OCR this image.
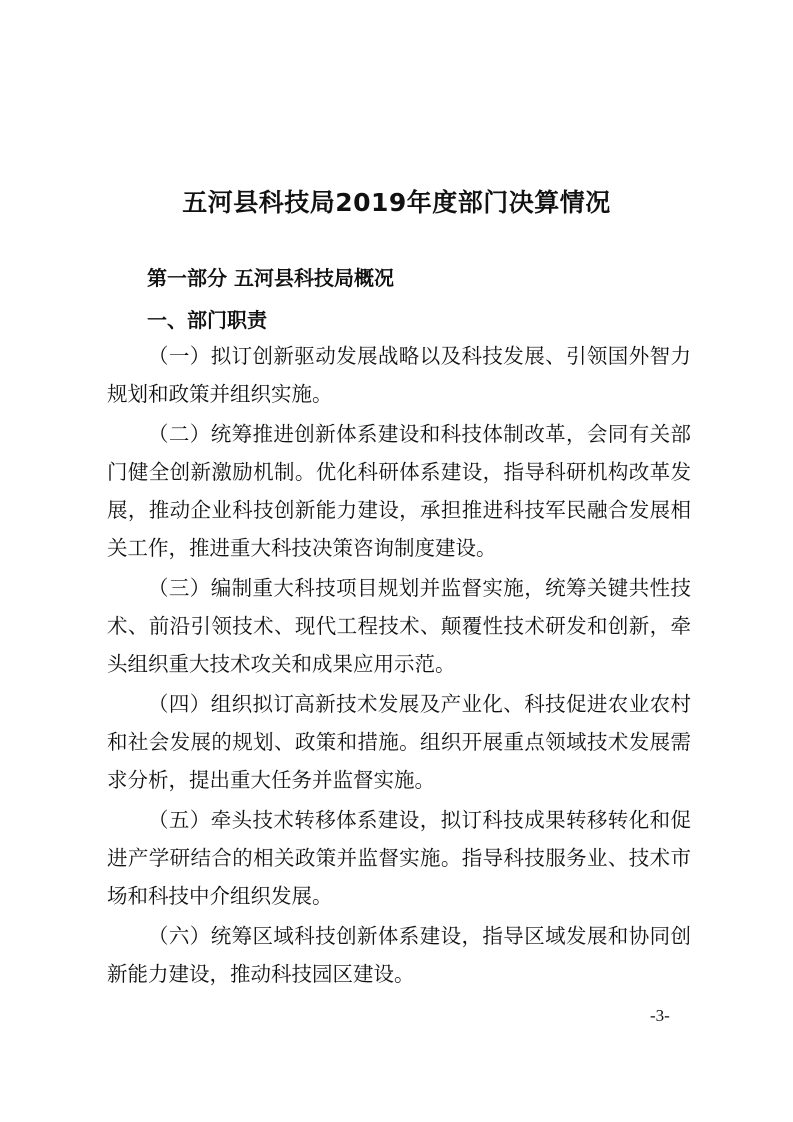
五河县科技局2019年度部门决算情况
第一部分 五河县科技局概况
一、部门职责

（一）拟订创新驱动发展战略以及科技发展、引领国外智力规划和政策并组织实施。

（二）统筹推进创新体系建设和科技体制改革，会同有关部门健全创新激励机制。优化科研体系建设，指导科研机构改革发展，推动企业科技创新能力建设，承担推进科技军民融合发展相关工作，推进重大科技决策咨询制度建设。

（三）编制重大科技项目规划并监督实施，统筹关键共性技术、前沿引领技术、现代工程技术、颠覆性技术研发和创新，牵头组织重大技术攻关和成果应用示范。

（四）组织拟订高新技术发展及产业化、科技促进农业农村和社会发展的规划、政策和措施。组织开展重点领域技术发展需求分析，提出重大任务并监督实施。

（五）牵头技术转移体系建设，拟订科技成果转移转化和促进产学研结合的相关政策并监督实施。指导科技服务业、技术市场和科技中介组织发展。

（六）统筹区域科技创新体系建设，指导区域发展和协同创新能力建设，推动科技园区建设。

-3-
